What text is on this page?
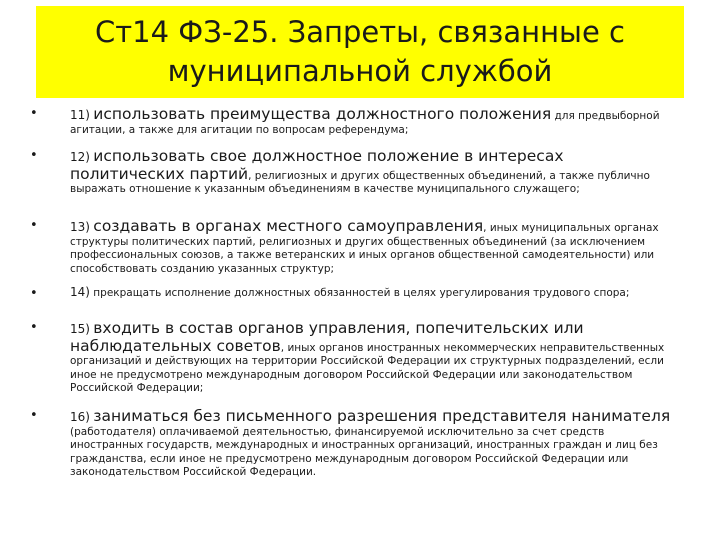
Ст14 ФЗ-25. Запреты, связанные с
муниципальной службой
•	11) использовать преимущества должностного положения для предвыборной агитации, а также для агитации по вопросам референдума;
•	12) использовать свое должностное положение в интересах политических партий, религиозных и других общественных объединений, а также публично выражать отношение к указанным объединениям в качестве муниципального служащего;
•	13) создавать в органах местного самоуправления, иных муниципальных органах структуры политических партий, религиозных и других общественных объединений (за исключением профессиональных союзов, а также ветеранских и иных органов общественной самодеятельности) или способствовать созданию указанных структур;
•	14) прекращать исполнение должностных обязанностей в целях урегулирования трудового спора;
•	15) входить в состав органов управления, попечительских или наблюдательных советов, иных органов иностранных некоммерческих неправительственных организаций и действующих на территории Российской Федерации их структурных подразделений, если иное не предусмотрено международным договором Российской Федерации или законодательством Российской Федерации;
•	16) заниматься без письменного разрешения представителя нанимателя (работодателя) оплачиваемой деятельностью, финансируемой исключительно за счет средств иностранных государств, международных и иностранных организаций, иностранных граждан и лиц без гражданства, если иное не предусмотрено международным договором Российской Федерации или законодательством Российской Федерации.
